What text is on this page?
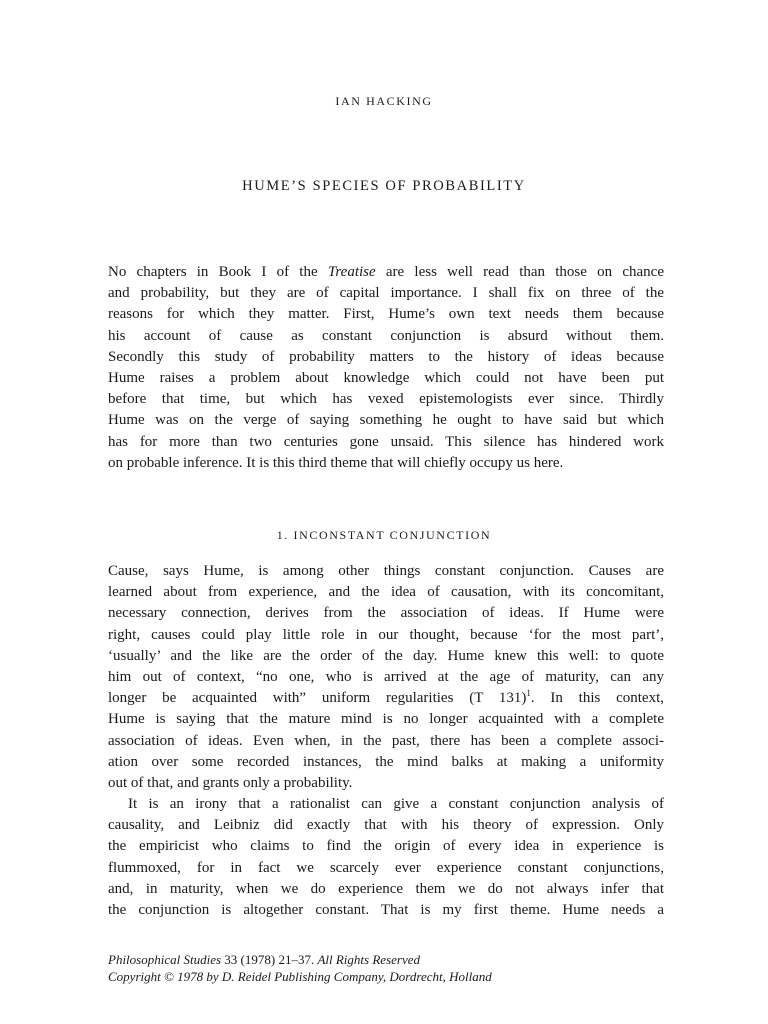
IAN HACKING
HUME’S SPECIES OF PROBABILITY
No chapters in Book I of the Treatise are less well read than those on chance
and probability, but they are of capital importance. I shall fix on three of the
reasons for which they matter. First, Hume’s own text needs them because
his account of cause as constant conjunction is absurd without them.
Secondly this study of probability matters to the history of ideas because
Hume raises a problem about knowledge which could not have been put
before that time, but which has vexed epistemologists ever since. Thirdly
Hume was on the verge of saying something he ought to have said but which
has for more than two centuries gone unsaid. This silence has hindered work
on probable inference. It is this third theme that will chiefly occupy us here.
1. INCONSTANT CONJUNCTION
Cause, says Hume, is among other things constant conjunction. Causes are
learned about from experience, and the idea of causation, with its concomitant,
necessary connection, derives from the association of ideas. If Hume were
right, causes could play little role in our thought, because ‘for the most part’,
‘usually’ and the like are the order of the day. Hume knew this well: to quote
him out of context, “no one, who is arrived at the age of maturity, can any
longer be acquainted with” uniform regularities (T 131)$^1$. In this context,
Hume is saying that the mature mind is no longer acquainted with a complete
association of ideas. Even when, in the past, there has been a complete associ-
ation over some recorded instances, the mind balks at making a uniformity
out of that, and grants only a probability.
It is an irony that a rationalist can give a constant conjunction analysis of
causality, and Leibniz did exactly that with his theory of expression. Only
the empiricist who claims to find the origin of every idea in experience is
flummoxed, for in fact we scarcely ever experience constant conjunctions,
and, in maturity, when we do experience them we do not always infer that
the conjunction is altogether constant. That is my first theme. Hume needs a
Philosophical Studies 33 (1978) 21–37. All Rights Reserved
Copyright © 1978 by D. Reidel Publishing Company, Dordrecht, Holland
